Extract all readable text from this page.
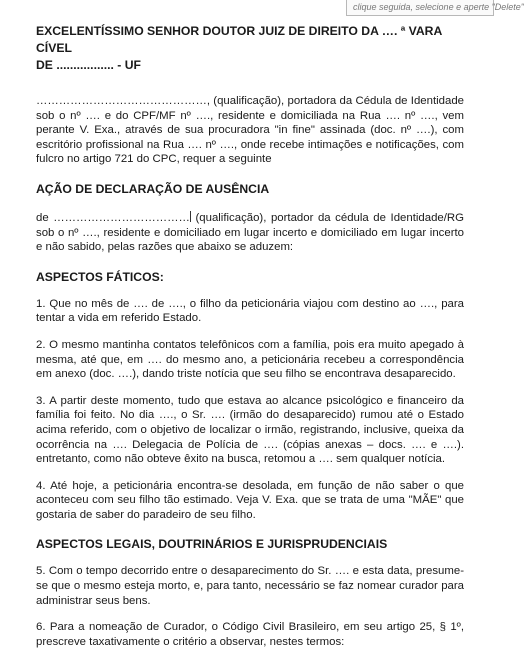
clique seguida, selecione e aperte "Delete"

EXCELENTÍSSIMO SENHOR DOUTOR JUIZ DE DIREITO DA …. ª VARA CÍVEL

DE ................. - UF

………………………………………, (qualificação), portadora da Cédula de Identidade sob o nº …. e do CPF/MF nº …., residente e domiciliada na Rua …. nº …., vem perante V. Exa., através de sua procuradora "in fine" assinada (doc. nº ….), com escritório profissional na Rua …. nº …., onde recebe intimações e notificações, com fulcro no artigo 721 do CPC, requer a seguinte

AÇÃO DE DECLARAÇÃO DE AUSÊNCIA

de ……………………………… (qualificação), portador da cédula de Identidade/RG sob o nº …., residente e domiciliado em lugar incerto e domiciliado em lugar incerto e não sabido, pelas razões que abaixo se aduzem:

ASPECTOS FÁTICOS:

1. Que no mês de …. de …., o filho da peticionária viajou com destino ao …., para tentar a vida em referido Estado.

2. O mesmo mantinha contatos telefônicos com a família, pois era muito apegado à mesma, até que, em …. do mesmo ano, a peticionária recebeu a correspondência em anexo (doc. ….), dando triste notícia que seu filho se encontrava desaparecido.

3. A partir deste momento, tudo que estava ao alcance psicológico e financeiro da família foi feito. No dia …., o Sr. …. (irmão do desaparecido) rumou até o Estado acima referido, com o objetivo de localizar o irmão, registrando, inclusive, queixa da ocorrência na …. Delegacia de Polícia de …. (cópias anexas – docs. …. e ….). entretanto, como não obteve êxito na busca, retomou a …. sem qualquer notícia.

4. Até hoje, a peticionária encontra-se desolada, em função de não saber o que aconteceu com seu filho tão estimado. Veja V. Exa. que se trata de uma "MÃE" que gostaria de saber do paradeiro de seu filho.

ASPECTOS LEGAIS, DOUTRINÁRIOS E JURISPRUDENCIAIS

5. Com o tempo decorrido entre o desaparecimento do Sr. …. e esta data, presume-se que o mesmo esteja morto, e, para tanto, necessário se faz nomear curador para administrar seus bens.

6. Para a nomeação de Curador, o Código Civil Brasileiro, em seu artigo 25, § 1º, prescreve taxativamente o critério a observar, nestes termos:
